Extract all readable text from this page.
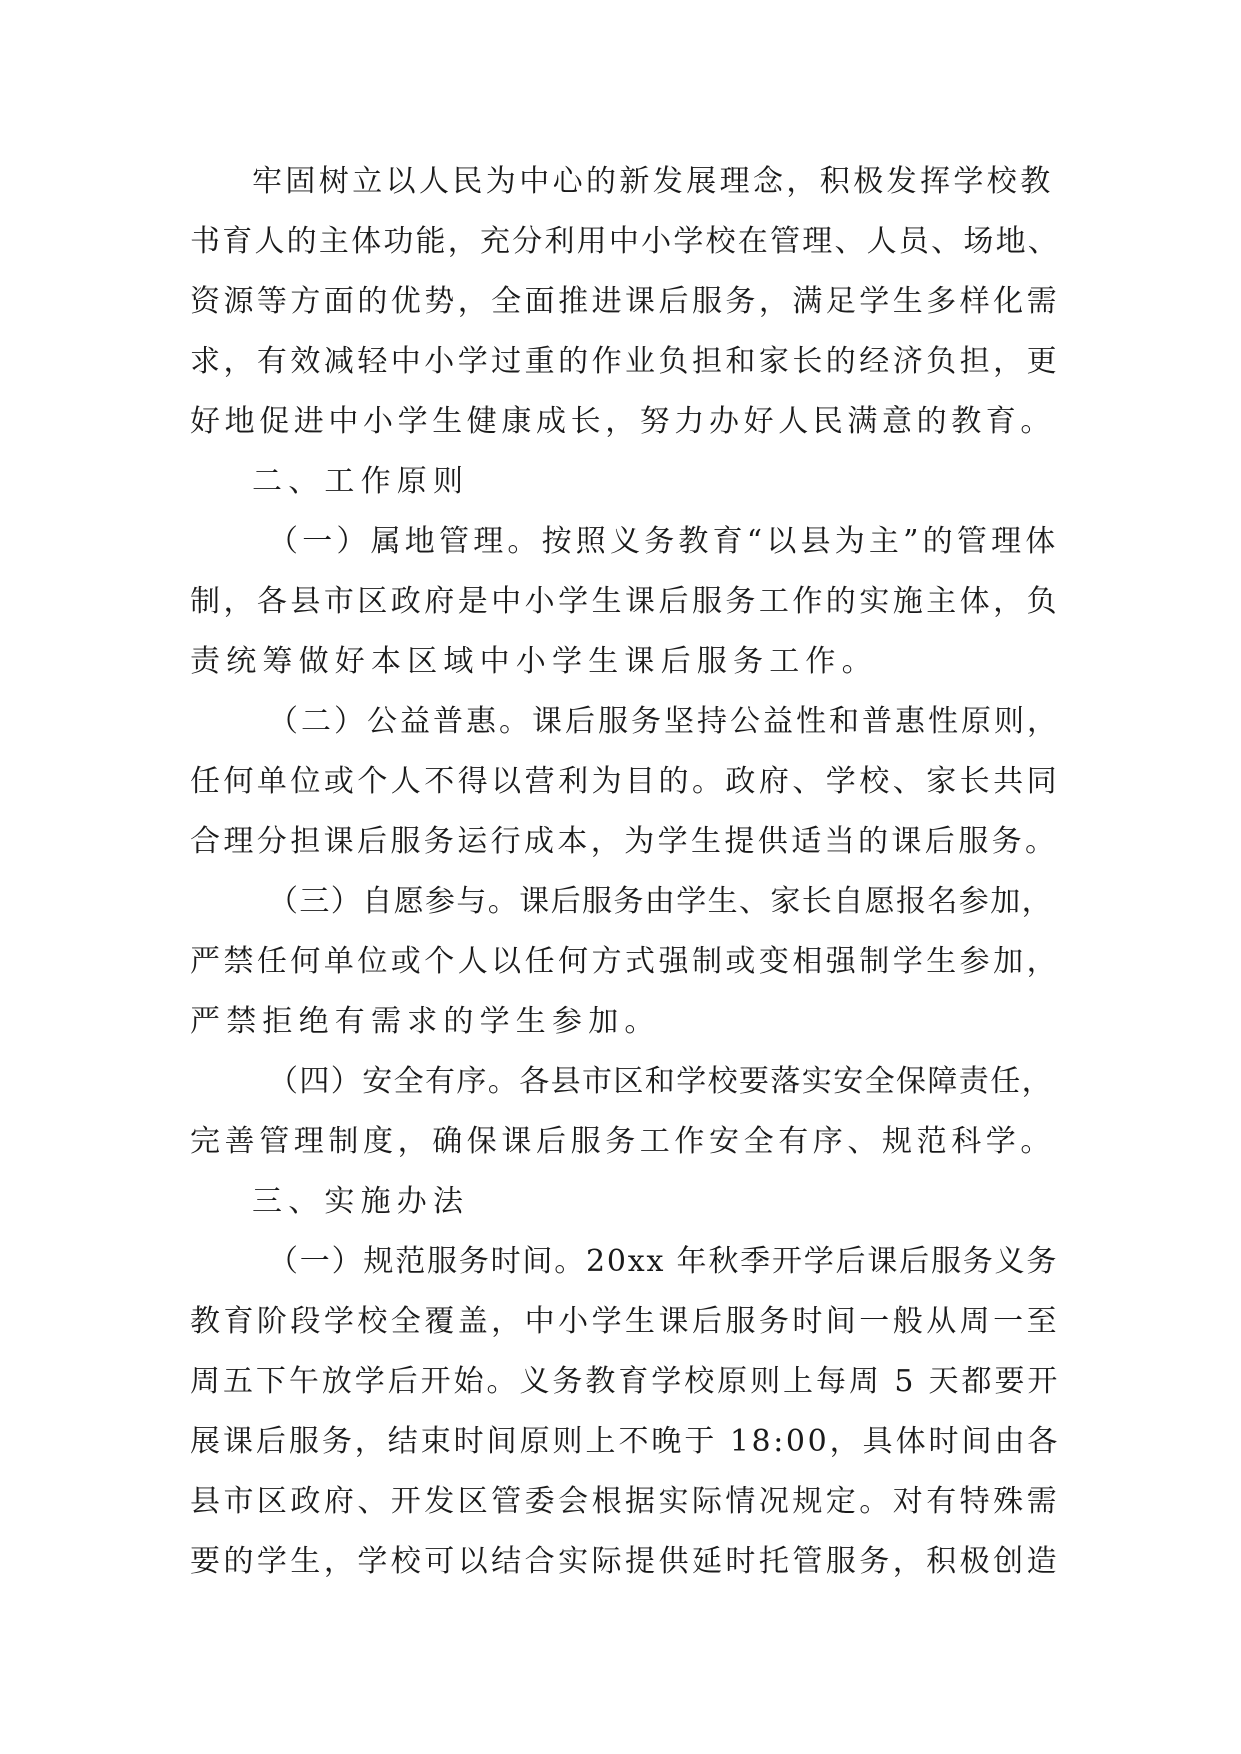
牢固树立以人民为中心的新发展理念，积极发挥学校教
书育人的主体功能，充分利用中小学校在管理、人员、场地、
资源等方面的优势，全面推进课后服务，满足学生多样化需
求，有效减轻中小学过重的作业负担和家长的经济负担，更
好地促进中小学生健康成长，努力办好人民满意的教育。
二、工作原则
（一）属地管理。按照义务教育“以县为主”的管理体
制，各县市区政府是中小学生课后服务工作的实施主体，负
责统筹做好本区域中小学生课后服务工作。
（二）公益普惠。课后服务坚持公益性和普惠性原则，
任何单位或个人不得以营利为目的。政府、学校、家长共同
合理分担课后服务运行成本，为学生提供适当的课后服务。
（三）自愿参与。课后服务由学生、家长自愿报名参加，
严禁任何单位或个人以任何方式强制或变相强制学生参加，
严禁拒绝有需求的学生参加。
（四）安全有序。各县市区和学校要落实安全保障责任，
完善管理制度，确保课后服务工作安全有序、规范科学。
三、实施办法
（一）规范服务时间。20xx 年秋季开学后课后服务义务
教育阶段学校全覆盖，中小学生课后服务时间一般从周一至
周五下午放学后开始。义务教育学校原则上每周 5 天都要开
展课后服务，结束时间原则上不晚于 18:00，具体时间由各
县市区政府、开发区管委会根据实际情况规定。对有特殊需
要的学生，学校可以结合实际提供延时托管服务，积极创造
